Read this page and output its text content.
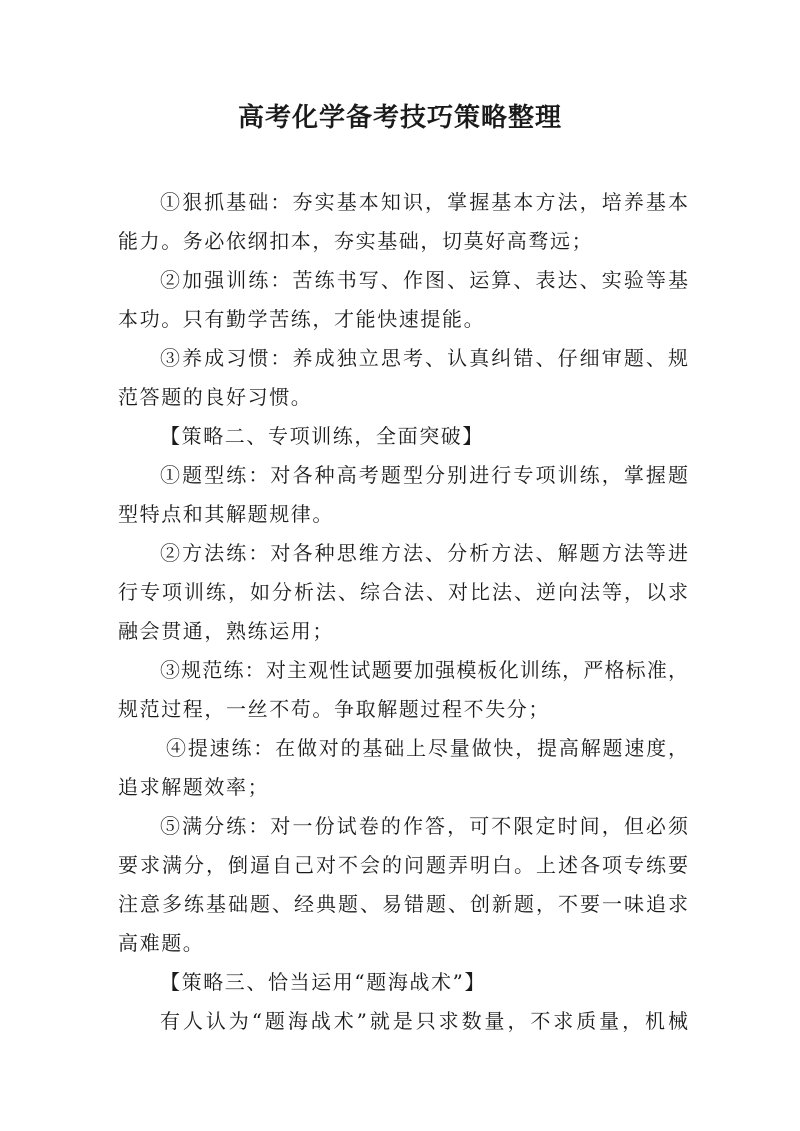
高考化学备考技巧策略整理
①狠抓基础：夯实基本知识，掌握基本方法，培养基本
能力。务必依纲扣本，夯实基础，切莫好高骛远；
②加强训练：苦练书写、作图、运算、表达、实验等基
本功。只有勤学苦练，才能快速提能。
③养成习惯：养成独立思考、认真纠错、仔细审题、规
范答题的良好习惯。
【策略二、专项训练，全面突破】
①题型练：对各种高考题型分别进行专项训练，掌握题
型特点和其解题规律。
②方法练：对各种思维方法、分析方法、解题方法等进
行专项训练，如分析法、综合法、对比法、逆向法等，以求
融会贯通，熟练运用；
③规范练：对主观性试题要加强模板化训练，严格标准，
规范过程，一丝不苟。争取解题过程不失分；
④提速练：在做对的基础上尽量做快，提高解题速度，
追求解题效率；
⑤满分练：对一份试卷的作答，可不限定时间，但必须
要求满分，倒逼自己对不会的问题弄明白。上述各项专练要
注意多练基础题、经典题、易错题、创新题，不要一味追求
高难题。
【策略三、恰当运用“题海战术”】
有人认为“题海战术”就是只求数量，不求质量，机械
